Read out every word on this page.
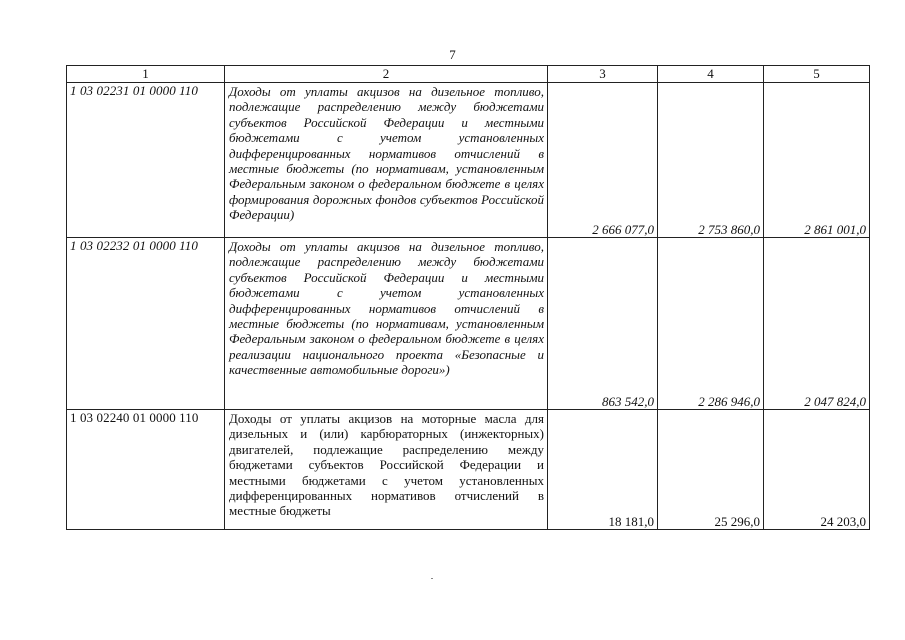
7
1	2	3	4	5
1 03 02231 01 0000 110	Доходы от уплаты акцизов на дизельное топливо, подлежащие распределению между бюджетами субъектов Российской Федерации и местными бюджетами с учетом установленных дифференцированных нормативов отчислений в местные бюджеты (по нормативам, установленным Федеральным законом о федеральном бюджете в целях формирования дорожных фондов субъектов Российской Федерации)	2 666 077,0	2 753 860,0	2 861 001,0
1 03 02232 01 0000 110	Доходы от уплаты акцизов на дизельное топливо, подлежащие распределению между бюджетами субъектов Российской Федерации и местными бюджетами с учетом установленных дифференцированных нормативов отчислений в местные бюджеты (по нормативам, установленным Федеральным законом о федеральном бюджете в целях реализации национального проекта «Безопасные и качественные автомобильные дороги»)	863 542,0	2 286 946,0	2 047 824,0
1 03 02240 01 0000 110	Доходы от уплаты акцизов на моторные масла для дизельных и (или) карбюраторных (инжекторных) двигателей, подлежащие распределению между бюджетами субъектов Российской Федерации и местными бюджетами с учетом установленных дифференцированных нормативов отчислений в местные бюджеты	18 181,0	25 296,0	24 203,0
